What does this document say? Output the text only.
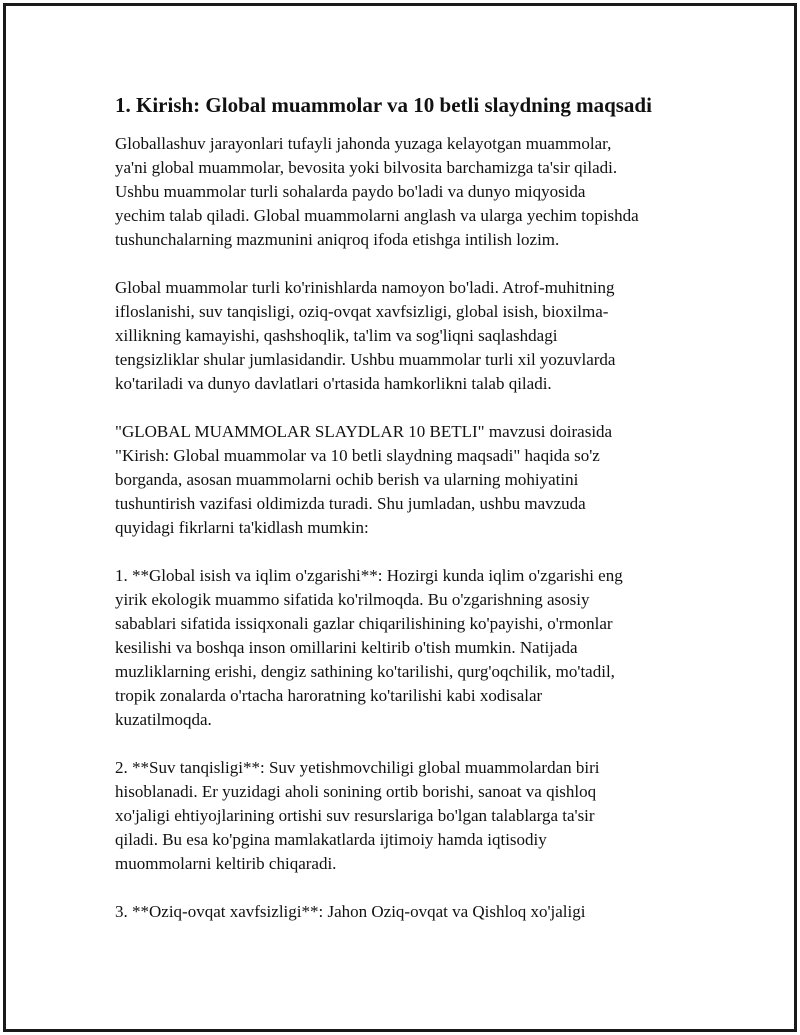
1. Kirish: Global muammolar va 10 betli slaydning maqsadi

Globallashuv jarayonlari tufayli jahonda yuzaga kelayotgan muammolar,
ya'ni global muammolar, bevosita yoki bilvosita barchamizga ta'sir qiladi.
Ushbu muammolar turli sohalarda paydo bo'ladi va dunyo miqyosida
yechim talab qiladi. Global muammolarni anglash va ularga yechim topishda
tushunchalarning mazmunini aniqroq ifoda etishga intilish lozim.

Global muammolar turli ko'rinishlarda namoyon bo'ladi. Atrof-muhitning
ifloslanishi, suv tanqisligi, oziq-ovqat xavfsizligi, global isish, bioxilma-
xillikning kamayishi, qashshoqlik, ta'lim va sog'liqni saqlashdagi
tengsizliklar shular jumlasidandir. Ushbu muammolar turli xil yozuvlarda
ko'tariladi va dunyo davlatlari o'rtasida hamkorlikni talab qiladi.

"GLOBAL MUAMMOLAR SLAYDLAR 10 BETLI" mavzusi doirasida
"Kirish: Global muammolar va 10 betli slaydning maqsadi" haqida so'z
borganda, asosan muammolarni ochib berish va ularning mohiyatini
tushuntirish vazifasi oldimizda turadi. Shu jumladan, ushbu mavzuda
quyidagi fikrlarni ta'kidlash mumkin:

1. **Global isish va iqlim o'zgarishi**: Hozirgi kunda iqlim o'zgarishi eng
yirik ekologik muammo sifatida ko'rilmoqda. Bu o'zgarishning asosiy
sabablari sifatida issiqxonali gazlar chiqarilishining ko'payishi, o'rmonlar
kesilishi va boshqa inson omillarini keltirib o'tish mumkin. Natijada
muzliklarning erishi, dengiz sathining ko'tarilishi, qurg'oqchilik, mo'tadil,
tropik zonalarda o'rtacha haroratning ko'tarilishi kabi xodisalar
kuzatilmoqda.

2. **Suv tanqisligi**: Suv yetishmovchiligi global muammolardan biri
hisoblanadi. Er yuzidagi aholi sonining ortib borishi, sanoat va qishloq
xo'jaligi ehtiyojlarining ortishi suv resurslariga bo'lgan talablarga ta'sir
qiladi. Bu esa ko'pgina mamlakatlarda ijtimoiy hamda iqtisodiy
muommolarni keltirib chiqaradi.

3. **Oziq-ovqat xavfsizligi**: Jahon Oziq-ovqat va Qishloq xo'jaligi
